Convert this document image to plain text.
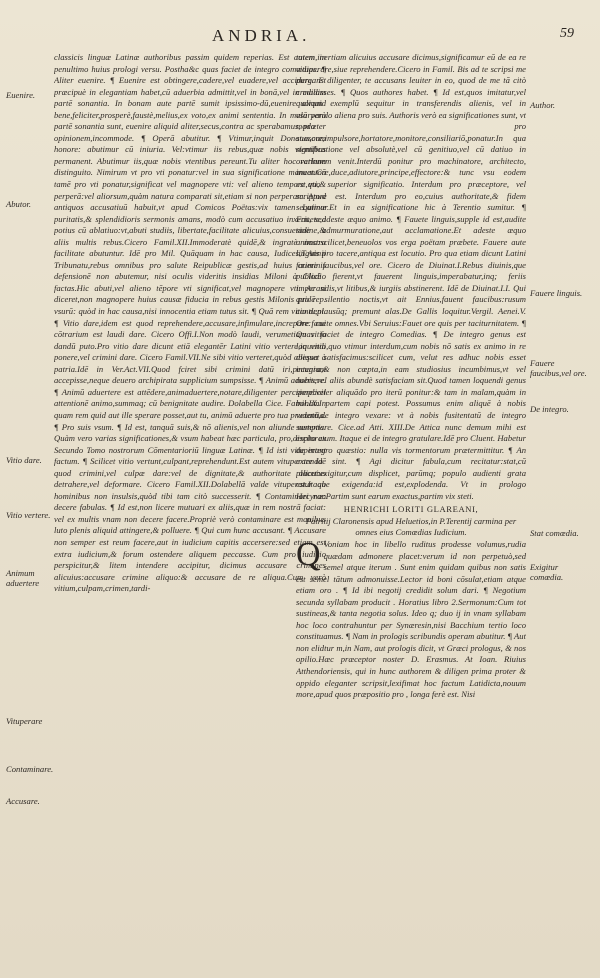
ANDRIA.	59
Euenire.
Abutor.
Vitio dare.
Vitio vertere.
Animum aduertere
Vituperare
Contaminare.
Accusare.

classicis linguæ Latinæ authoribus passim quidem reperias. Est autem in penultimo huius prologi versu. Postha&c quas faciet de integro comœdias. ¶ Aliter euenire. ¶ Euenire est obtingere,cadere,vel euadere,vel accidere. Et præcipuè in elegantiam habet,cū aduerbia admittit,vel in bonā,vel in malam partē sonantia. In bonam aute partē sumit ipsissimo-dū,euenire aliquid bene,feliciter,prosperè,faustè,melius,ex voto,ex animi sententia. In malā verò partē sonantia sunt, euenire aliquid aliter,secus,contra ac sperabamus, præter opinionem,incommode. ¶ Operā abutitur. ¶ Vtimur,inquit Donatus,cum honore: abutimur cū iniuria. Vel:vtimur iis rebus,quæ nobis vtentibus permanent. Abutimur iis,quæ nobis vtentibus pereunt.Tu aliter hoc verbum distinguito. Nimirum vt pro vti ponatur:vel in sua significatione maneat.Cū tamē pro vti ponatur,significat vel magnopere vti: vel alieno tempore vti,& perperā:vel aliorsum,quàm natura comparati sit,etiam si non perperam. Apud antiquos accusatiuū habuit,vt apud Comicos Poëtas:vix tamen Latinæ puritatis,& splendidioris sermonis amans, modò cum accusatiuo inxerit, sed potius cū ablatiuo:vt,abuti studiis, libertate,facilitate alicuius,consuetudine,& aliis multis rebus.Cicero Famil.XII.Immoderatè quidē,& ingratè nostra facilitate abutuntur. Idē pro Mil. Quāquam in hac causa, Iudices,T.Annii Tribunatu,rebus omnibus pro salute Reipublicæ gestis,ad huius criminis defensionē non abutemur, nisi oculis videritis insidias Miloni à Clodio factas.Hic abuti,vel alieno tēpore vti significat,vel magnopere vti. Ac si diceret,non magnopere huius causæ fiducia in rebus gestis Milonis pro rep. vsurū: quòd in hac causa,nisi innocentia etiam tutus sit. ¶ Quā rem vitio dent. ¶ Vitio dare,idem est quod reprehendere,accusare,infimulare,increpare: cui cōtrarium est laudi dare. Cicero Offi.I.Non modò laudi, verumetiam vitio dandū puto.Pro vitio dare dicunt etiā elegantēr Latini vitio vertere,in vitio ponere,vel crimini dare. Cicero Famil.VII.Ne sibi vitio verteret,quòd abesset à patria.Idē in Ver.Act.VII.Quod fciret sibi crimini datū iri,pecuniam accepisse,neque deuero archipirata supplicium sumpsisse. ¶ Animū aduertere. ¶ Animū aduertere est attēdere,animaduertere,notare,diligenter percipere:vel attentionē animo,summaq; cū benignitate audire. Dolabella Cice. Famil.IX.In quam rem quid aut ille sperare posset,aut tu, animū aduerte pro tua prudentia. ¶ Pro suis vsum. ¶ Id est, tanquā suis,& nō alienis,vel non aliunde sumptis. Quàm vero varias significationes,& vsum habeat hæc particula, pro,discito ex Secundo Tomo nostrorum Cōmentarioriū linguæ Latinæ. ¶ Id isti vituperant factum. ¶ Scilicet vitio vertunt,culpant,reprehendunt.Est autem vituperare idē quod crimini,vel culpæ dare:vel de dignitate,& authoritate alicuius detrahere,vel deformare. Cicero Famil.XII.Dolabellā valde vituperatur ab hominibus non insulsis,quòd tibi tam citò successerit. ¶ Contaminari non decere fabulas. ¶ Id est,non licere mutuari ex aliis,quæ in rem nostrā faciat: vel ex multis vnam non decere facere.Propriè verò contaminare est manibus luto plenis aliquid attingere,& polluere. ¶ Qui cum hunc accusant. ¶ Accusare non semper est reum facere,aut in iudicium capitis accersere:sed etiam est extra iudicium,& forum ostendere aliquem peccasse. Cum pro iudicio perspicitur,& litem intendere accipitur, dicimus accusare crimines alicuius:accusare crimine aliquo:& accusare de re aliqua.Cum verò vitium,culpam,crimen,tardi-

tatem,inertiam alicuius accusare dicimus,significamur eū de ea re vituperare,siue reprehendere.Cicero in Famil. Bis ad te scripsi me purgans diligenter, te accusans leuiter in eo, quod de me tā citò credidisses. ¶ Quos authores habet. ¶ Id est,quos imitatur,vel quorum exemplū sequitur in transferendis alienis, vel in vsurpando aliena pro suis. Authoris verò ea significationes sunt, vt modo pro suasore,impulsore,hortatore,monitore,consiliariō,ponatur.In qua significatione vel absolutè,vel cū genitiuo,vel cū datiuo in orationem venit.Interdū ponitur pro machinatore, architecto, inuentore,duce,adiutore,principe,effectore:& tunc vsu eodem est,quo superior significatio. Interdum pro præceptore, vel scriptore est. Interdum pro eo,cuius authoritate,& fidem sequimur.Et in ea significatione hic à Terentio sumitur. ¶ Fauete,adeste æquo animo. ¶ Fauete linguis,supple id est,audite sine admurmuratione,aut acclamatione.Et adeste æquo animo:scilicet,beneuolos vos erga poëtam præbete. Fauere aute linguis pro tacere,antiqua est locutio. Pro qua etiam dicunt Latini fauere faucibus,vel ore. Cicero de Diuinat.I.Rebus diuinis,que publicè fierent,vt fauerent linguis,imperabatur,inq; feriis imperandis,vt litibus,& iurgiis abstinerent. Idē de Diuinat.I.I. Qui quidē silentio noctis,vt ait Ennius,fauent faucibus:rusum cantu,plausūq; premunt alas.De Gallis loquitur.Vergil. Aenei.V. Ore fauete omnes.Vbi Seruius:Fauet ore quis per taciturnitatem. ¶ Quas faciet de integro Comedias. ¶ De integro genus est loquendi,quo vtimur interdum,cum nobis nō satis ex animo in re aliqua satisfacimus:scilicet cum, velut res adhuc nobis esset integra,& non cœpta,in eam studiosius incumbimus,vt vel nobis,vel aliis abundè satisfaciam sit.Quod tamen loquendi genus simpliciter aliquādo pro iterū ponitur:& tam in malam,quàm in bonam partem capi potest. Possumus enim aliquē à nobis vexatū,de integro vexare: vt à nobis fusitentatū de integro sustentare. Cice.ad Atti. XIII.De Attica nunc demum mihi est exploratum. Itaque ei de integro gratulare.Idē pro Cluent. Habetur de integro quæstio: nulla vis tormentorum prætermittitur. ¶ An extenda sint. ¶ Agi dicitur fabula,cum recitatur:stat,cū placet:exigitur,cum displicet, parūmq; populo audienti grata est.Itaque exigenda:id est,explodenda. Vt in prologo Hecyræ:Partim sunt earum exactus,partim vix steti.

HENRICHI LORITI GLAREANI,

Patritij Claronensis apud Heluetios,in P.Terentij carmina per omnes eius Comœdias Iudicium.

Q Voniam hoc in libello ruditus prodesse volumus,rudia quædam admonere placet:verum id non perpetuò,sed semel atque iterum . Sunt enim quidam quibus non satis est semel tātum admonuisse.Lector id boni cōsulat,etiam atque etiam oro . ¶ Id ibi negotij credidit solum dari. ¶ Negotium secunda syllabam producit . Horatius libro 2.Sermonum:Cum tot sustineas,& tanta negotia solus. Ideo q; duo ij in vnam syllabam hoc loco contrahuntur per Synæresin,nisi Bacchium tertio loco constituamus. ¶ Nam in prologis scribundis operam abutitur. ¶ Aut non elidtur m,in Nam, aut prologis dicit, vt Græci prologus, & nos opilio.Hæc præceptor noster D. Erasmus. At Ioan. Riuius Atthendoriensis, qui in hunc authorem & diligen prima proter & oppido eleganter scripsit,lexifimat hoc factum Latidicta,nouum more,apud quos præpositio pro , longa ferè est. Nisi

Author.
Fauere linguis.
Fauere faucibus,vel ore.
De integro.
Stat comœdia.
Exigitur comœdia.
